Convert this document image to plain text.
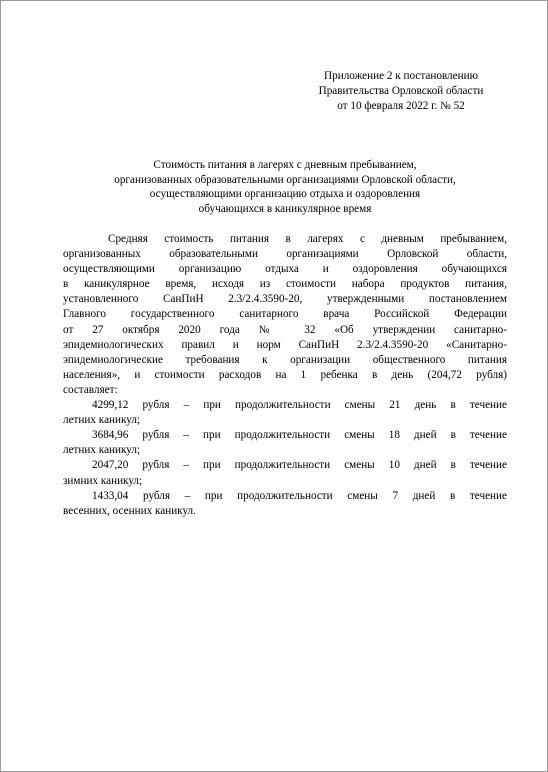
Приложение 2 к постановлению
Правительства Орловской области
от 10 февраля 2022 г. № 52
Стоимость питания в лагерях с дневным пребыванием,
организованных образовательными организациями Орловской области,
осуществляющими организацию отдыха и оздоровления
обучающихся в каникулярное время
Средняя стоимость питания в лагерях с дневным пребыванием,
организованных образовательными организациями Орловской области,
осуществляющими организацию отдыха и оздоровления обучающихся
в каникулярное время, исходя из стоимости набора продуктов питания,
установленного СанПиН 2.3/2.4.3590-20, утвержденными постановлением
Главного государственного санитарного врача Российской Федерации
от 27 октября 2020 года № 32 «Об утверждении санитарно-
эпидемиологических правил и норм СанПиН 2.3/2.4.3590-20 «Санитарно-
эпидемиологические требования к организации общественного питания
населения», и стоимости расходов на 1 ребенка в день (204,72 рубля)
составляет:
4299,12 рубля – при продолжительности смены 21 день в течение
летних каникул;
3684,96 рубля – при продолжительности смены 18 дней в течение
летних каникул;
2047,20 рубля – при продолжительности смены 10 дней в течение
зимних каникул;
1433,04 рубля – при продолжительности смены 7 дней в течение
весенних, осенних каникул.
